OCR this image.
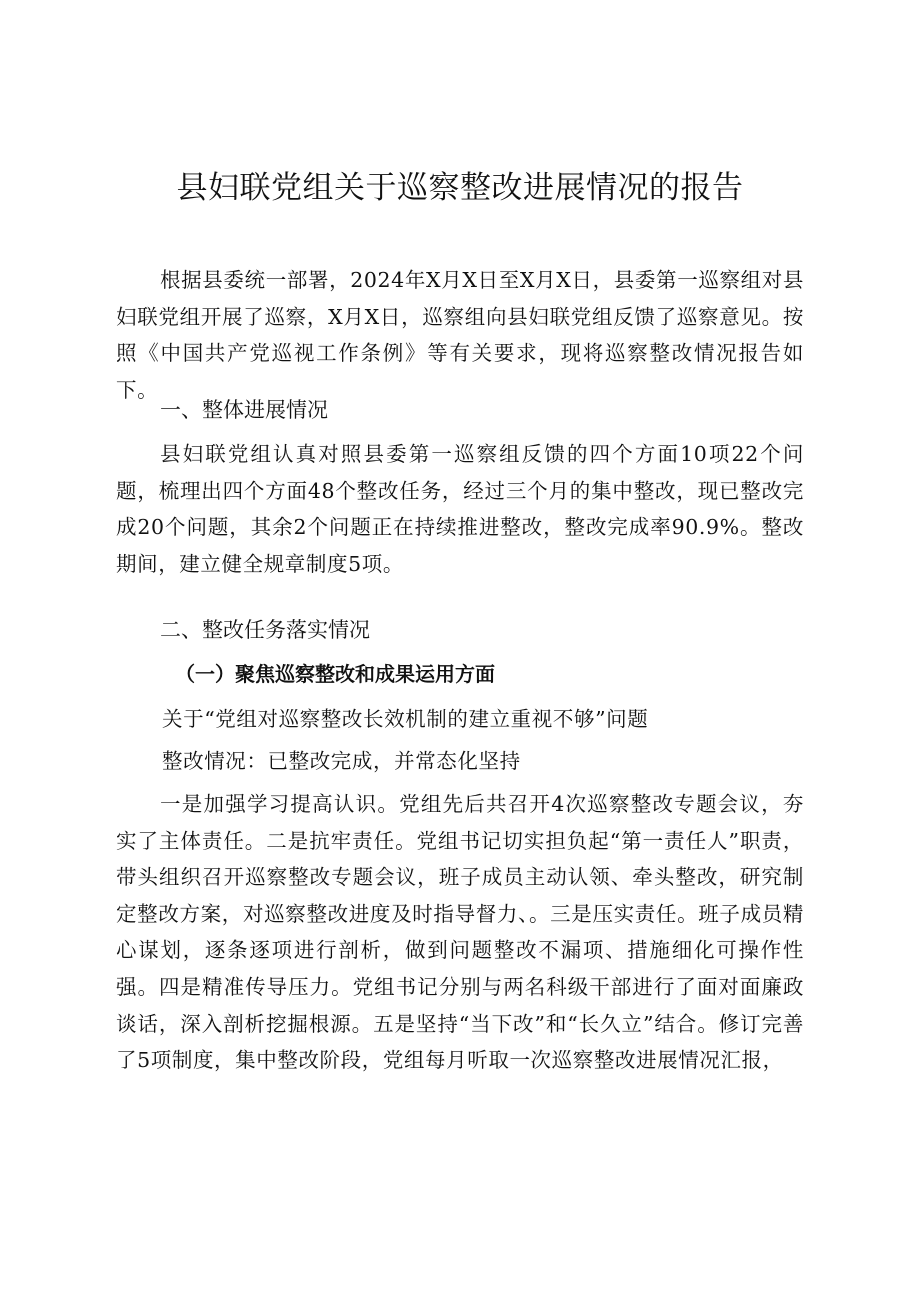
县妇联党组关于巡察整改进展情况的报告

根据县委统一部署，2024年X月X日至X月X日，县委第一巡察组对县妇联党组开展了巡察，X月X日，巡察组向县妇联党组反馈了巡察意见。按照《中国共产党巡视工作条例》等有关要求，现将巡察整改情况报告如下。

一、整体进展情况

县妇联党组认真对照县委第一巡察组反馈的四个方面10项22个问题，梳理出四个方面48个整改任务，经过三个月的集中整改，现已整改完成20个问题，其余2个问题正在持续推进整改，整改完成率90.9%。整改期间，建立健全规章制度5项。

二、整改任务落实情况
（一）聚焦巡察整改和成果运用方面

关于“党组对巡察整改长效机制的建立重视不够”问题

整改情况：已整改完成，并常态化坚持

一是加强学习提高认识。党组先后共召开4次巡察整改专题会议，夯实了主体责任。二是抗牢责任。党组书记切实担负起“第一责任人”职责，带头组织召开巡察整改专题会议，班子成员主动认领、牵头整改，研究制定整改方案，对巡察整改进度及时指导督力、。三是压实责任。班子成员精心谋划，逐条逐项进行剖析，做到问题整改不漏项、措施细化可操作性强。四是精准传导压力。党组书记分别与两名科级干部进行了面对面廉政谈话，深入剖析挖掘根源。五是坚持“当下改”和“长久立”结合。修订完善了5项制度，集中整改阶段，党组每月听取一次巡察整改进展情况汇报，
